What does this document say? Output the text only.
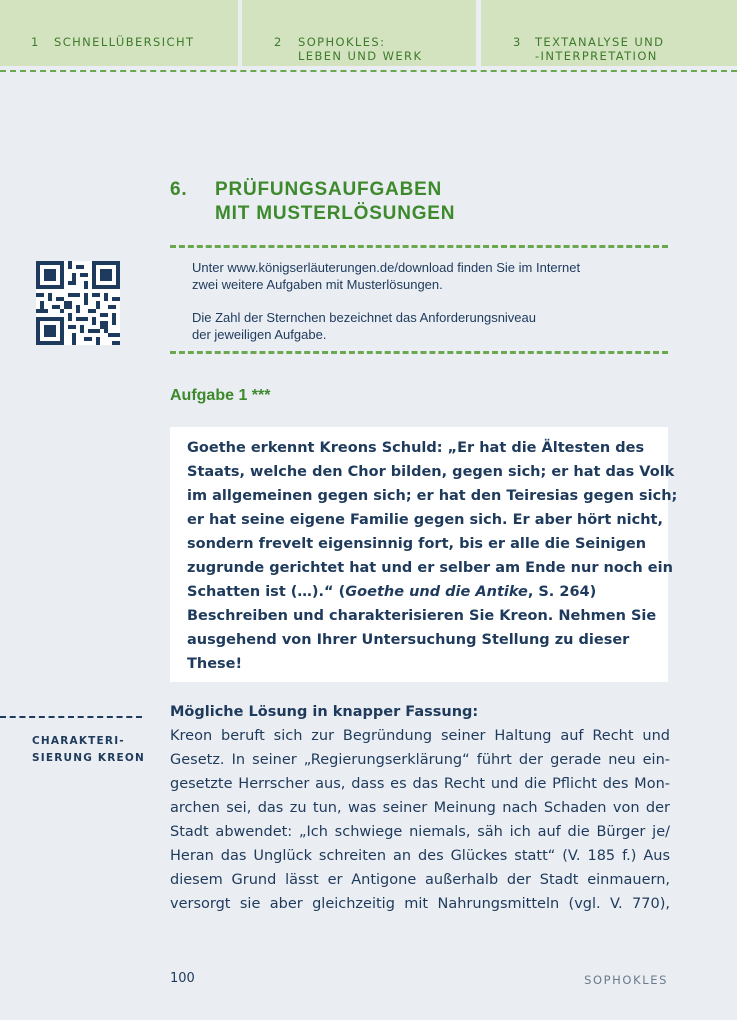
1 SCHNELLÜBERSICHT	2 SOPHOKLES:
LEBEN UND WERK
3 TEXTANALYSE UND
-INTERPRETATION
6. PRÜFUNGSAUFGABEN
MIT MUSTERLÖSUNGEN
Unter www.königserläuterungen.de/download finden Sie im Internet
zwei weitere Aufgaben mit Musterlösungen.
Die Zahl der Sternchen bezeichnet das Anforderungsniveau
der jeweiligen Aufgabe.
Aufgabe 1 ***

Goethe erkennt Kreons Schuld: „Er hat die Ältesten des
Staats, welche den Chor bilden, gegen sich; er hat das Volk
im allgemeinen gegen sich; er hat den Teiresias gegen sich;
er hat seine eigene Familie gegen sich. Er aber hört nicht,
sondern frevelt eigensinnig fort, bis er alle die Seinigen
zugrunde gerichtet hat und er selber am Ende nur noch ein
Schatten ist (…).“ (Goethe und die Antike, S. 264)

Beschreiben und charakterisieren Sie Kreon. Nehmen Sie
ausgehend von Ihrer Untersuchung Stellung zu dieser
These!

CHARAKTERI-
SIERUNG KREON
Mögliche Lösung in knapper Fassung:
Kreon beruft sich zur Begründung seiner Haltung auf Recht und
Gesetz. In seiner „Regierungserklärung“ führt der gerade neu ein-
gesetzte Herrscher aus, dass es das Recht und die Pflicht des Mon-
archen sei, das zu tun, was seiner Meinung nach Schaden von der
Stadt abwendet: „Ich schwiege niemals, säh ich auf die Bürger je/
Heran das Unglück schreiten an des Glückes statt“ (V. 185 f.) Aus
diesem Grund lässt er Antigone außerhalb der Stadt einmauern,
versorgt sie aber gleichzeitig mit Nahrungsmitteln (vgl. V. 770),
100	SOPHOKLES
